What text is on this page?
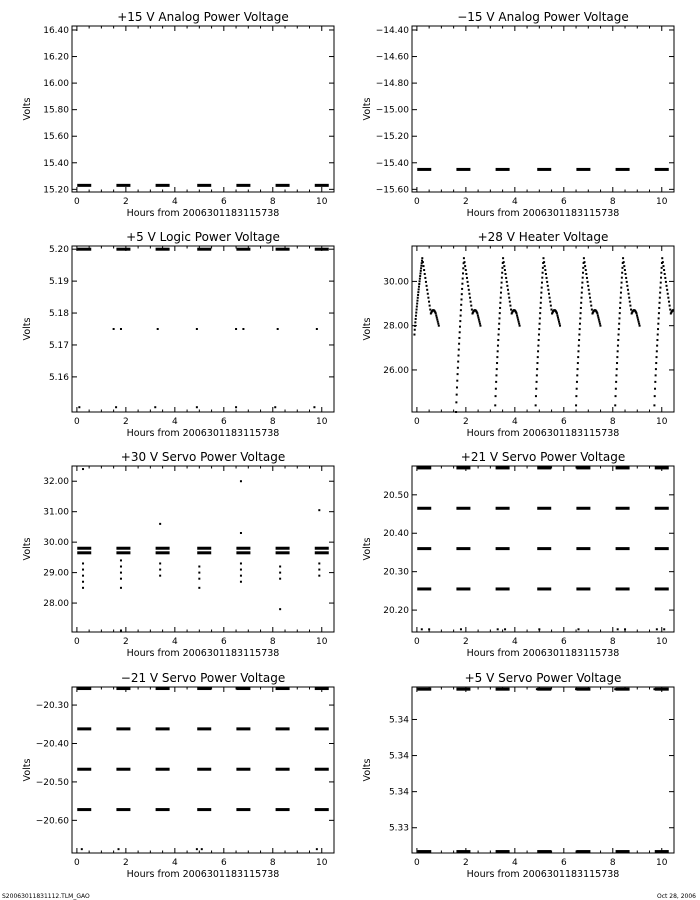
+15 V Analog Power Voltage
0	2	4	6	8	10
15.20
15.40
15.60
15.80
16.00
16.20
16.40
Hours from 2006301183115738
Volts
−15 V Analog Power Voltage
0	2	4	6	8	10
−14.40
−14.60
−14.80
−15.00
−15.20
−15.40
−15.60
Hours from 2006301183115738
Volts
+5 V Logic Power Voltage
0	2	4	6	8	10
5.16
5.17
5.18
5.19
5.20
Hours from 2006301183115738
Volts
+28 V Heater Voltage
0	2	4	6	8	10
26.00
28.00
30.00
Hours from 2006301183115738
Volts
+30 V Servo Power Voltage
0	2	4	6	8	10
28.00
29.00
30.00
31.00
32.00
Hours from 2006301183115738
Volts
+21 V Servo Power Voltage
0	2	4	6	8	10
20.20
20.30
20.40
20.50
Hours from 2006301183115738
Volts
−21 V Servo Power Voltage
0	2	4	6	8	10
−20.30
−20.40
−20.50
−20.60
Hours from 2006301183115738
Volts
+5 V Servo Power Voltage
0	2	4	6	8	10
5.33
5.34
5.34
5.34
Hours from 2006301183115738
Volts
S20063011831112.TLM_GAO	Oct 28, 2006
